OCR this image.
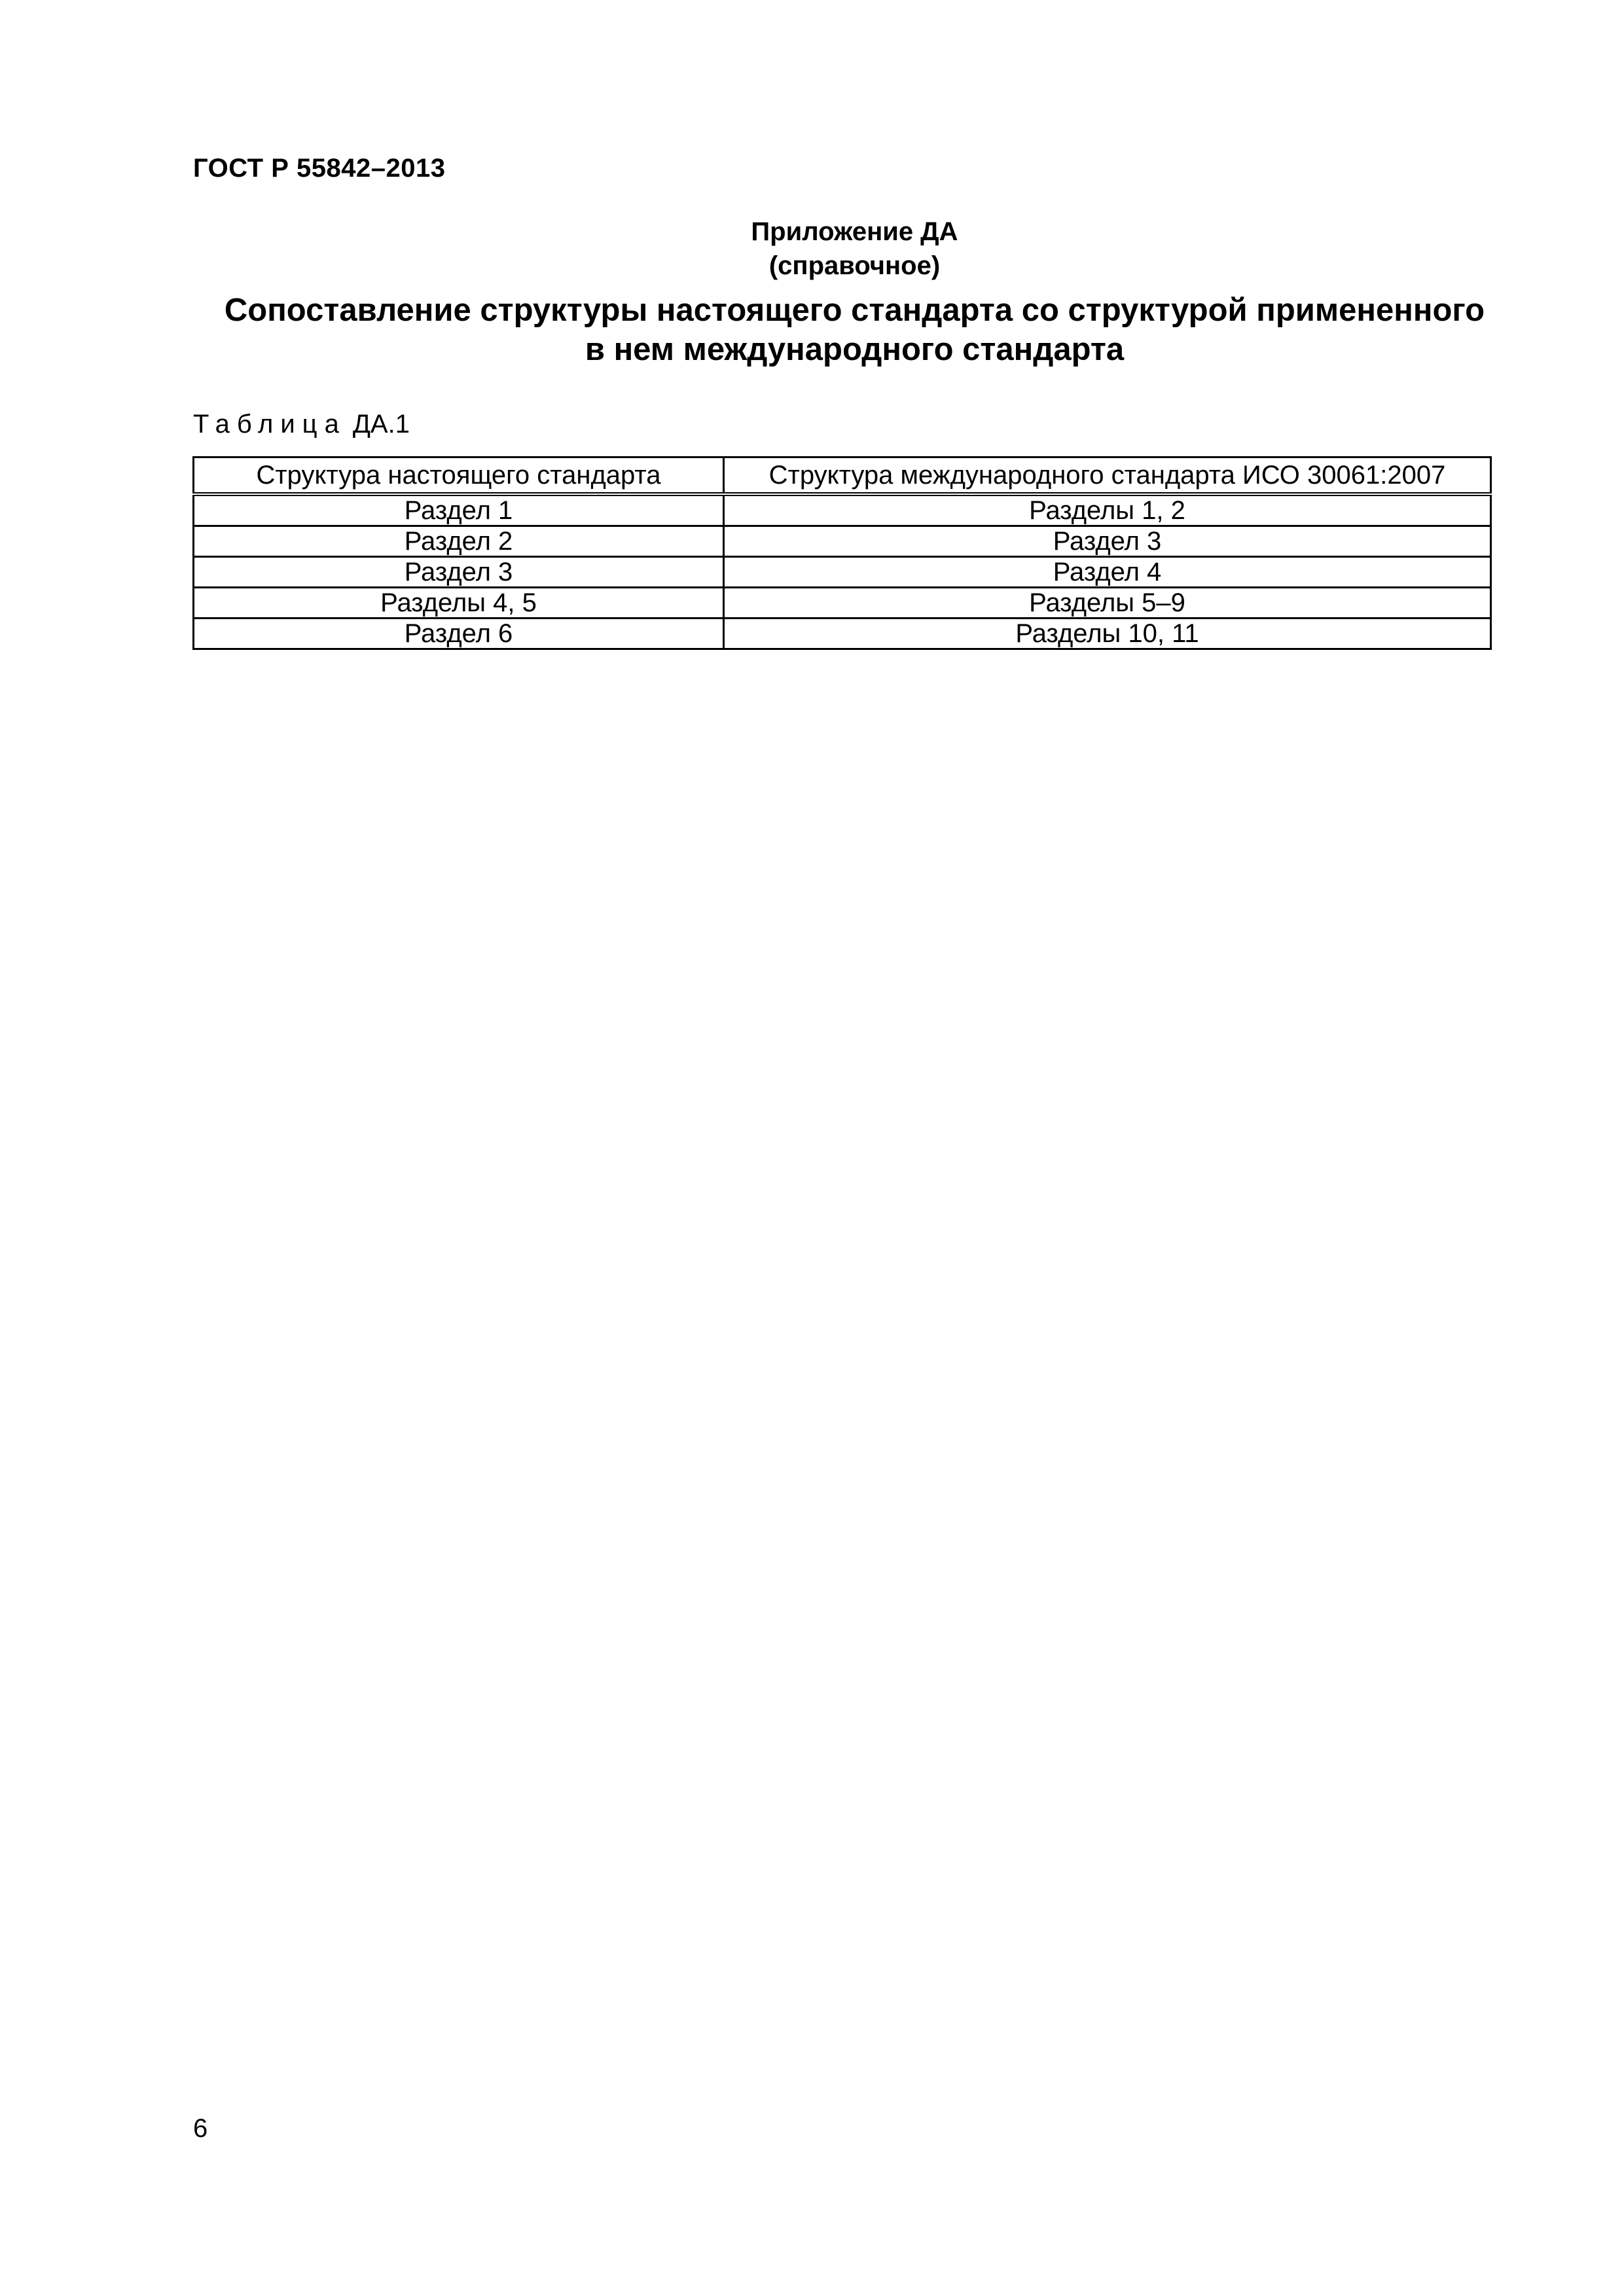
ГОСТ Р 55842–2013
Приложение ДА
(справочное)
Сопоставление структуры настоящего стандарта со структурой примененного
в нем международного стандарта
Таблица ДА.1
Структура настоящего стандарта	Структура международного стандарта ИСО 30061:2007
Раздел 1	Разделы 1, 2
Раздел 2	Раздел 3
Раздел 3	Раздел 4
Разделы 4, 5	Разделы 5–9
Раздел 6	Разделы 10, 11
6
